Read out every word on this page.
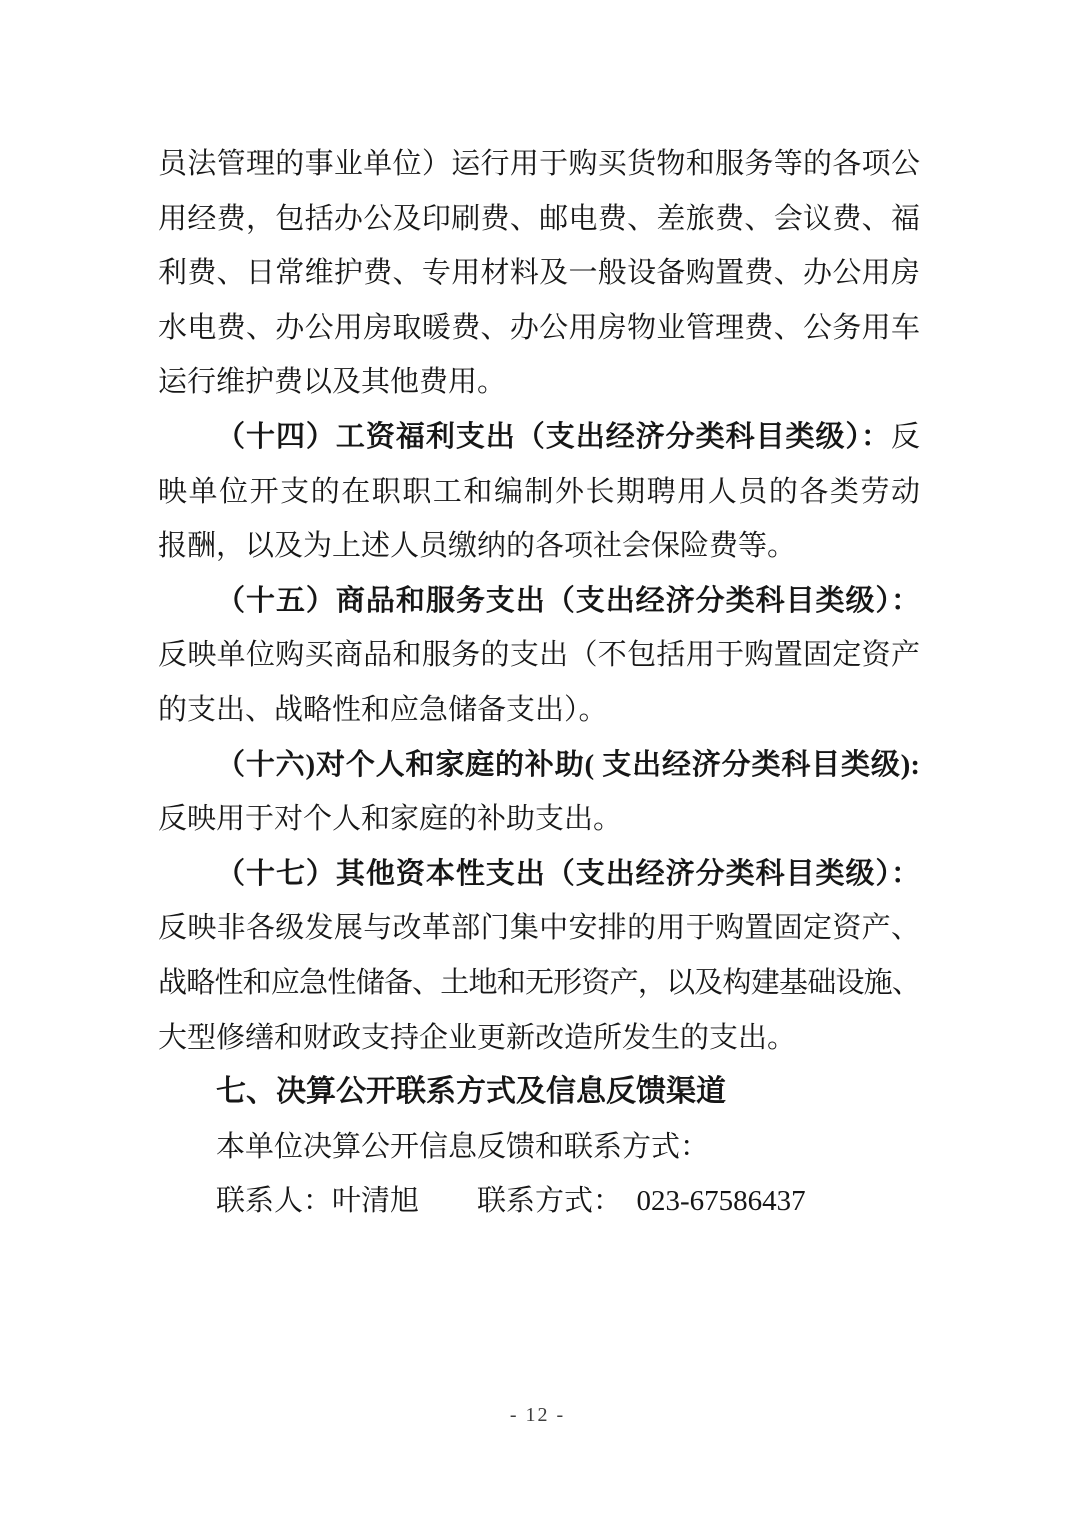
员法管理的事业单位）运行用于购买货物和服务等的各项公
用经费，包括办公及印刷费、邮电费、差旅费、会议费、福
利费、日常维护费、专用材料及一般设备购置费、办公用房
水电费、办公用房取暖费、办公用房物业管理费、公务用车
运行维护费以及其他费用。
（十四）工资福利支出（支出经济分类科目类级）：反
映单位开支的在职职工和编制外长期聘用人员的各类劳动
报酬，以及为上述人员缴纳的各项社会保险费等。
（十五）商品和服务支出（支出经济分类科目类级）：
反映单位购买商品和服务的支出（不包括用于购置固定资产
的支出、战略性和应急储备支出）。
（十六)对个人和家庭的补助( 支出经济分类科目类级):
反映用于对个人和家庭的补助支出。
（十七）其他资本性支出（支出经济分类科目类级）：
反映非各级发展与改革部门集中安排的用于购置固定资产、
战略性和应急性储备、土地和无形资产，以及构建基础设施、
大型修缮和财政支持企业更新改造所发生的支出。
七、决算公开联系方式及信息反馈渠道
本单位决算公开信息反馈和联系方式：
联系人：叶清旭　　联系方式：　023-67586437
- 12 -
